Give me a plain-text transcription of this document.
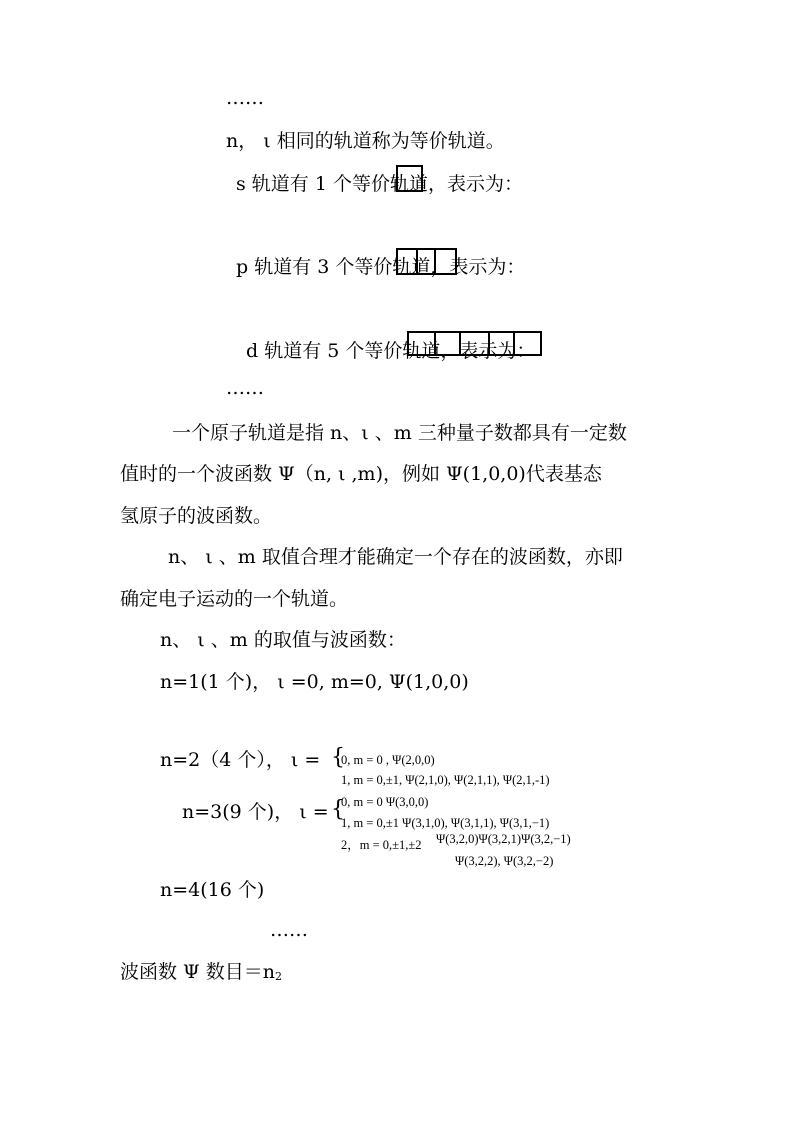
……
n， ι 相同的轨道称为等价轨道。
s 轨道有 1 个等价轨道，表示为：
p 轨道有 3 个等价轨道，表示为：
d 轨道有 5 个等价轨道，表示为：
……
一个原子轨道是指 n、ι 、m 三种量子数都具有一定数
值时的一个波函数 Ψ（n, ι ,m)，例如 Ψ(1,0,0)代表基态
氢原子的波函数。
n、 ι 、m 取值合理才能确定一个存在的波函数，亦即
确定电子运动的一个轨道。
n、 ι 、m 的取值与波函数：
n=1(1 个)， ι =0, m=0, Ψ(1,0,0)
n=2（4 个）， ι = {
0, m = 0 , Ψ(2,0,0)
1, m = 0,±1, Ψ(2,1,0), Ψ(2,1,1), Ψ(2,1,-1)
n=3(9 个)， ι = {
0, m = 0 Ψ(3,0,0)
1, m = 0,±1 Ψ(3,1,0), Ψ(3,1,1), Ψ(3,1,−1)
2，m = 0,±1,±2 Ψ(3,2,0)Ψ(3,2,1)Ψ(3,2,−1)
Ψ(3,2,2), Ψ(3,2,−2)
n=4(16 个)
……
波函数 Ψ 数目$=n_2$
